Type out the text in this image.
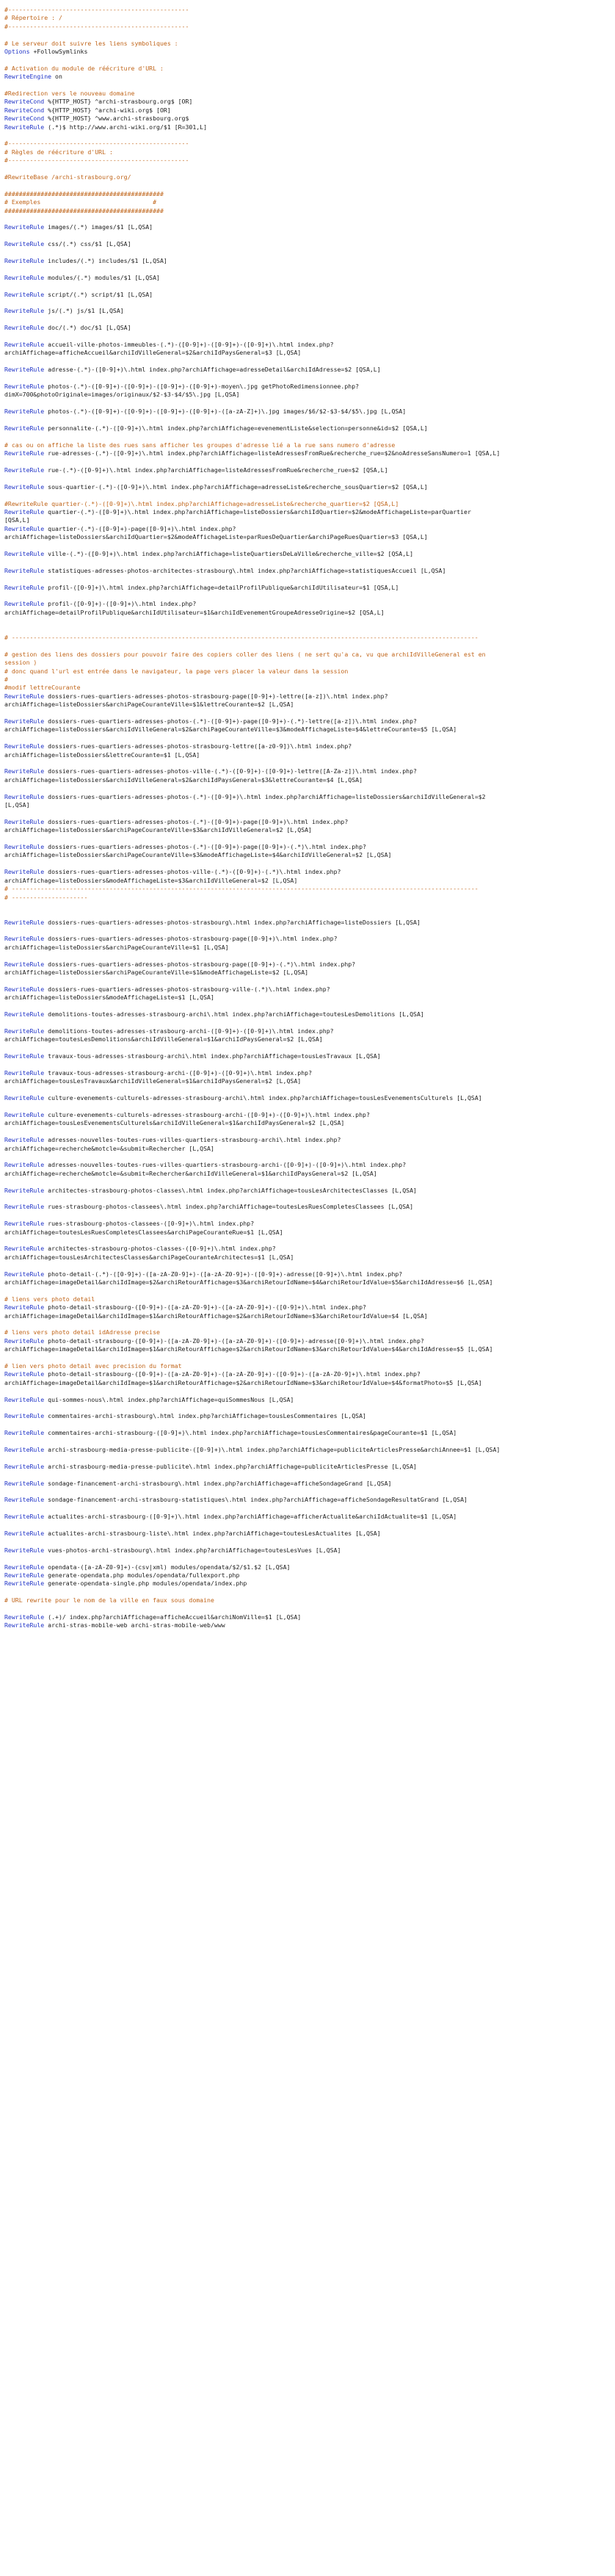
#--------------------------------------------------
# Répertoire : /
#--------------------------------------------------
# Le serveur doit suivre les liens symboliques :
Options +FollowSymlinks
# Activation du module de réécriture d'URL :
RewriteEngine on
#Redirection vers le nouveau domaine
RewriteCond %{HTTP_HOST} ^archi-strasbourg.org$ [OR]
RewriteCond %{HTTP_HOST} ^archi-wiki.org$ [OR]
RewriteCond %{HTTP_HOST} ^www.archi-strasbourg.org$
RewriteRule (.*)$ http://www.archi-wiki.org/$1 [R=301,L]
#--------------------------------------------------
# Règles de réécriture d'URL :
#--------------------------------------------------
#RewriteBase /archi-strasbourg.org/
############################################
# Exemples                               #
############################################
RewriteRule images/(.*) images/$1 [L,QSA]
RewriteRule css/(.*) css/$1 [L,QSA]
RewriteRule includes/(.*) includes/$1 [L,QSA]
RewriteRule modules/(.*) modules/$1 [L,QSA]
RewriteRule script/(.*) script/$1 [L,QSA]
RewriteRule js/(.*) js/$1 [L,QSA]
RewriteRule doc/(.*) doc/$1 [L,QSA]
RewriteRule accueil-ville-photos-immeubles-(.*)-([0-9]+)-([0-9]+)-([0-9]+)\.html index.php?
archiAffichage=afficheAccueil&archiIdVilleGeneral=$2&archiIdPaysGeneral=$3 [L,QSA]
RewriteRule adresse-(.*)-([0-9]+)\.html index.php?archiAffichage=adresseDetail&archiIdAdresse=$2 [QSA,L]
RewriteRule photos-(.*)-([0-9]+)-([0-9]+)-([0-9]+)-([0-9]+)-moyen\.jpg getPhotoRedimensionnee.php?
dimX=700&photoOriginale=images/originaux/$2-$3-$4/$5\.jpg [L,QSA]
RewriteRule photos-(.*)-([0-9]+)-([0-9]+)-([0-9]+)-([0-9]+)-([a-zA-Z]+)\.jpg images/$6/$2-$3-$4/$5\.jpg [L,QSA]
RewriteRule personnalite-(.*)-([0-9]+)\.html index.php?archiAffichage=evenementListe&selection=personne&id=$2 [QSA,L]
# cas ou on affiche la liste des rues sans afficher les groupes d'adresse lié a la rue sans numero d'adresse
RewriteRule rue-adresses-(.*)-([0-9]+)\.html index.php?archiAffichage=listeAdressesFromRue&recherche_rue=$2&noAdresseSansNumero=1 [QSA,L]
RewriteRule rue-(.*)-([0-9]+)\.html index.php?archiAffichage=listeAdressesFromRue&recherche_rue=$2 [QSA,L]
RewriteRule sous-quartier-(.*)-([0-9]+)\.html index.php?archiAffichage=adresseListe&recherche_sousQuartier=$2 [QSA,L]
#RewriteRule quartier-(.*)-([0-9]+)\.html index.php?archiAffichage=adresseListe&recherche_quartier=$2 [QSA,L]
RewriteRule quartier-(.*)-([0-9]+)\.html index.php?archiAffichage=listeDossiers&archiIdQuartier=$2&modeAffichageListe=parQuartier
[QSA,L]
RewriteRule quartier-(.*)-([0-9]+)-page([0-9]+)\.html index.php?
archiAffichage=listeDossiers&archiIdQuartier=$2&modeAffichageListe=parRuesDeQuartier&archiPageRuesQuartier=$3 [QSA,L]
RewriteRule ville-(.*)-([0-9]+)\.html index.php?archiAffichage=listeQuartiersDeLaVille&recherche_ville=$2 [QSA,L]
RewriteRule statistiques-adresses-photos-architectes-strasbourg\.html index.php?archiAffichage=statistiquesAccueil [L,QSA]
RewriteRule profil-([0-9]+)\.html index.php?archiAffichage=detailProfilPublique&archiIdUtilisateur=$1 [QSA,L]
RewriteRule profil-([0-9]+)-([0-9]+)\.html index.php?
archiAffichage=detailProfilPublique&archiIdUtilisateur=$1&archiIdEvenementGroupeAdresseOrigine=$2 [QSA,L]
# ---------------------------------------------------------------------------------------------------------------------------------
# gestion des liens des dossiers pour pouvoir faire des copiers coller des liens ( ne sert qu'a ca, vu que archiIdVilleGeneral est en
session )
# donc quand l'url est entrée dans le navigateur, la page vers placer la valeur dans la session
#
#modif lettreCourante
RewriteRule dossiers-rues-quartiers-adresses-photos-strasbourg-page([0-9]+)-lettre([a-z])\.html index.php?
archiAffichage=listeDossiers&archiPageCouranteVille=$1&lettreCourante=$2 [L,QSA]
RewriteRule dossiers-rues-quartiers-adresses-photos-(.*)-([0-9]+)-page([0-9]+)-(.*)-lettre([a-z])\.html index.php?
archiAffichage=listeDossiers&archiIdVilleGeneral=$2&archiPageCouranteVille=$3&modeAffichageListe=$4&lettreCourante=$5 [L,QSA]
RewriteRule dossiers-rues-quartiers-adresses-photos-strasbourg-lettre([a-z0-9])\.html index.php?
archiAffichage=listeDossiers&lettreCourante=$1 [L,QSA]
RewriteRule dossiers-rues-quartiers-adresses-photos-ville-(.*)-([0-9]+)-([0-9]+)-lettre([A-Za-z])\.html index.php?
archiAffichage=listeDossiers&archiIdVilleGeneral=$2&archiIdPaysGeneral=$3&lettreCourante=$4 [L,QSA]
RewriteRule dossiers-rues-quartiers-adresses-photos-(.*)-([0-9]+)\.html index.php?archiAffichage=listeDossiers&archiIdVilleGeneral=$2
[L,QSA]
RewriteRule dossiers-rues-quartiers-adresses-photos-(.*)-([0-9]+)-page([0-9]+)\.html index.php?
archiAffichage=listeDossiers&archiPageCouranteVille=$3&archiIdVilleGeneral=$2 [L,QSA]
RewriteRule dossiers-rues-quartiers-adresses-photos-(.*)-([0-9]+)-page([0-9]+)-(.*)\.html index.php?
archiAffichage=listeDossiers&archiPageCouranteVille=$3&modeAffichageListe=$4&archiIdVilleGeneral=$2 [L,QSA]
RewriteRule dossiers-rues-quartiers-adresses-photos-ville-(.*)-([0-9]+)-(.*)\.html index.php?
archiAffichage=listeDossiers&modeAffichageListe=$3&archiIdVilleGeneral=$2 [L,QSA]
# ---------------------------------------------------------------------------------------------------------------------------------
# ---------------------
RewriteRule dossiers-rues-quartiers-adresses-photos-strasbourg\.html index.php?archiAffichage=listeDossiers [L,QSA]
RewriteRule dossiers-rues-quartiers-adresses-photos-strasbourg-page([0-9]+)\.html index.php?
archiAffichage=listeDossiers&archiPageCouranteVille=$1 [L,QSA]
RewriteRule dossiers-rues-quartiers-adresses-photos-strasbourg-page([0-9]+)-(.*)\.html index.php?
archiAffichage=listeDossiers&archiPageCouranteVille=$1&modeAffichageListe=$2 [L,QSA]
RewriteRule dossiers-rues-quartiers-adresses-photos-strasbourg-ville-(.*)\.html index.php?
archiAffichage=listeDossiers&modeAffichageListe=$1 [L,QSA]
RewriteRule demolitions-toutes-adresses-strasbourg-archi\.html index.php?archiAffichage=toutesLesDemolitions [L,QSA]
RewriteRule demolitions-toutes-adresses-strasbourg-archi-([0-9]+)-([0-9]+)\.html index.php?
archiAffichage=toutesLesDemolitions&archiIdVilleGeneral=$1&archiIdPaysGeneral=$2 [L,QSA]
RewriteRule travaux-tous-adresses-strasbourg-archi\.html index.php?archiAffichage=tousLesTravaux [L,QSA]
RewriteRule travaux-tous-adresses-strasbourg-archi-([0-9]+)-([0-9]+)\.html index.php?
archiAffichage=tousLesTravaux&archiIdVilleGeneral=$1&archiIdPaysGeneral=$2 [L,QSA]
RewriteRule culture-evenements-culturels-adresses-strasbourg-archi\.html index.php?archiAffichage=tousLesEvenementsCulturels [L,QSA]
RewriteRule culture-evenements-culturels-adresses-strasbourg-archi-([0-9]+)-([0-9]+)\.html index.php?
archiAffichage=tousLesEvenementsCulturels&archiIdVilleGeneral=$1&archiIdPaysGeneral=$2 [L,QSA]
RewriteRule adresses-nouvelles-toutes-rues-villes-quartiers-strasbourg-archi\.html index.php?
archiAffichage=recherche&motcle=&submit=Rechercher [L,QSA]
RewriteRule adresses-nouvelles-toutes-rues-villes-quartiers-strasbourg-archi-([0-9]+)-([0-9]+)\.html index.php?
archiAffichage=recherche&motcle=&submit=Rechercher&archiIdVilleGeneral=$1&archiIdPaysGeneral=$2 [L,QSA]
RewriteRule architectes-strasbourg-photos-classes\.html index.php?archiAffichage=tousLesArchitectesClasses [L,QSA]
RewriteRule rues-strasbourg-photos-classees\.html index.php?archiAffichage=toutesLesRuesCompletesClassees [L,QSA]
RewriteRule rues-strasbourg-photos-classees-([0-9]+)\.html index.php?
archiAffichage=toutesLesRuesCompletesClassees&archiPageCouranteRue=$1 [L,QSA]
RewriteRule architectes-strasbourg-photos-classes-([0-9]+)\.html index.php?
archiAffichage=tousLesArchitectesClasses&archiPageCouranteArchitectes=$1 [L,QSA]
RewriteRule photo-detail-(.*)-([0-9]+)-([a-zA-Z0-9]+)-([a-zA-Z0-9]+)-([0-9]+)-adresse([0-9]+)\.html index.php?
archiAffichage=imageDetail&archiIdImage=$2&archiRetourAffichage=$3&archiRetourIdName=$4&archiRetourIdValue=$5&archiIdAdresse=$6 [L,QSA]
# liens vers photo detail
RewriteRule photo-detail-strasbourg-([0-9]+)-([a-zA-Z0-9]+)-([a-zA-Z0-9]+)-([0-9]+)\.html index.php?
archiAffichage=imageDetail&archiIdImage=$1&archiRetourAffichage=$2&archiRetourIdName=$3&archiRetourIdValue=$4 [L,QSA]
# liens vers photo detail idAdresse precise
RewriteRule photo-detail-strasbourg-([0-9]+)-([a-zA-Z0-9]+)-([a-zA-Z0-9]+)-([0-9]+)-adresse([0-9]+)\.html index.php?
archiAffichage=imageDetail&archiIdImage=$1&archiRetourAffichage=$2&archiRetourIdName=$3&archiRetourIdValue=$4&archiIdAdresse=$5 [L,QSA]
# lien vers photo detail avec precision du format
RewriteRule photo-detail-strasbourg-([0-9]+)-([a-zA-Z0-9]+)-([a-zA-Z0-9]+)-([0-9]+)-([a-zA-Z0-9]+)\.html index.php?
archiAffichage=imageDetail&archiIdImage=$1&archiRetourAffichage=$2&archiRetourIdName=$3&archiRetourIdValue=$4&formatPhoto=$5 [L,QSA]
RewriteRule qui-sommes-nous\.html index.php?archiAffichage=quiSommesNous [L,QSA]
RewriteRule commentaires-archi-strasbourg\.html index.php?archiAffichage=tousLesCommentaires [L,QSA]
RewriteRule commentaires-archi-strasbourg-([0-9]+)\.html index.php?archiAffichage=tousLesCommentaires&pageCourante=$1 [L,QSA]
RewriteRule archi-strasbourg-media-presse-publicite-([0-9]+)\.html index.php?archiAffichage=publiciteArticlesPresse&archiAnnee=$1 [L,QSA]
RewriteRule archi-strasbourg-media-presse-publicite\.html index.php?archiAffichage=publiciteArticlesPresse [L,QSA]
RewriteRule sondage-financement-archi-strasbourg\.html index.php?archiAffichage=afficheSondageGrand [L,QSA]
RewriteRule sondage-financement-archi-strasbourg-statistiques\.html index.php?archiAffichage=afficheSondageResultatGrand [L,QSA]
RewriteRule actualites-archi-strasbourg-([0-9]+)\.html index.php?archiAffichage=afficherActualite&archiIdActualite=$1 [L,QSA]
RewriteRule actualites-archi-strasbourg-liste\.html index.php?archiAffichage=toutesLesActualites [L,QSA]
RewriteRule vues-photos-archi-strasbourg\.html index.php?archiAffichage=toutesLesVues [L,QSA]
RewriteRule opendata-([a-zA-Z0-9]+)-(csv|xml) modules/opendata/$2/$1.$2 [L,QSA]
RewriteRule generate-opendata.php modules/opendata/fullexport.php
RewriteRule generate-opendata-single.php modules/opendata/index.php
# URL rewrite pour le nom de la ville en faux sous domaine
RewriteRule (.+)/ index.php?archiAffichage=afficheAccueil&archiNomVille=$1 [L,QSA]
RewriteRule archi-stras-mobile-web archi-stras-mobile-web/www
